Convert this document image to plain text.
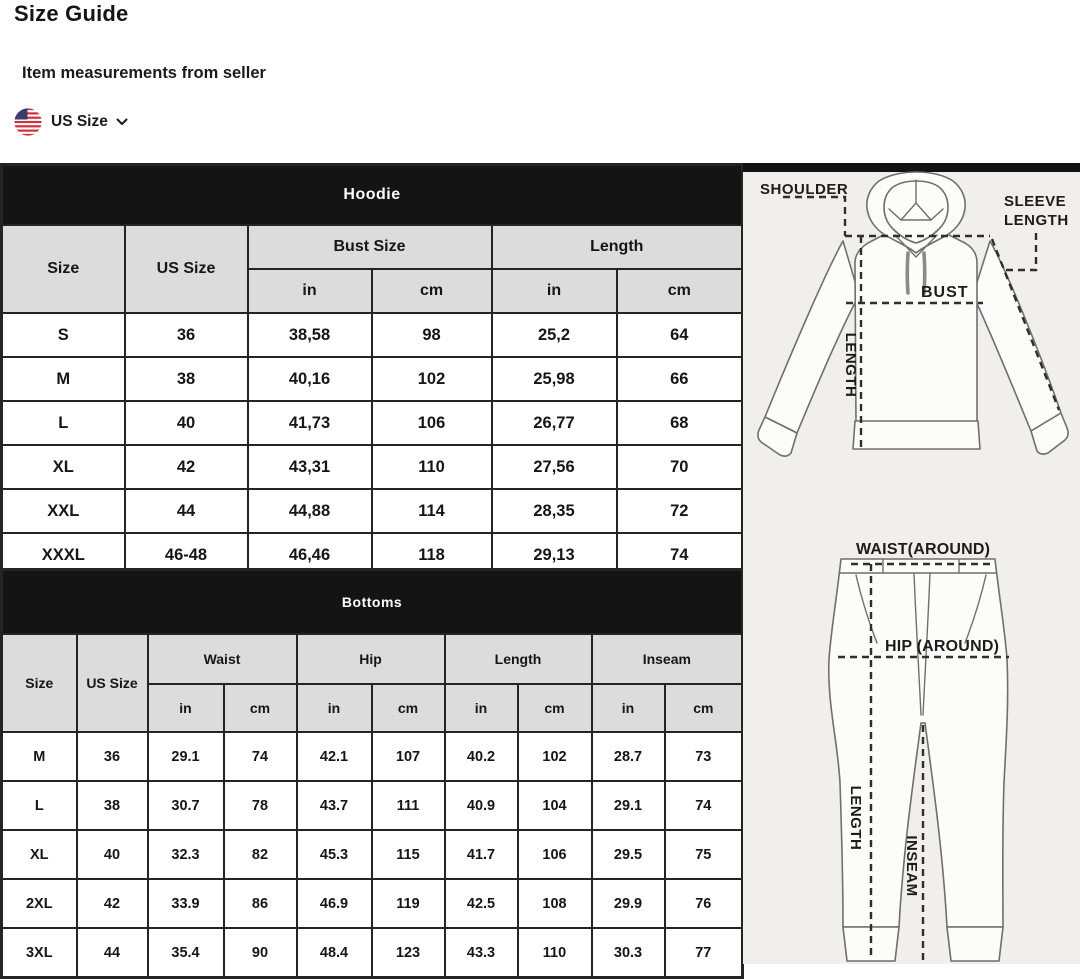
Size Guide
Item measurements from seller
US Size
Hoodie					
Size	US Size	Bust Size		Length	
		in	cm	in	cm
S	36	38,58	98	25,2	64
M	38	40,16	102	25,98	66
L	40	41,73	106	26,77	68
XL	42	43,31	110	27,56	70
XXL	44	44,88	114	28,35	72
XXXL	46-48	46,46	118	29,13	74
Bottoms									
Size	US Size	Waist		Hip		Length		Inseam	
		in	cm	in	cm	in	cm	in	cm
M	36	29.1	74	42.1	107	40.2	102	28.7	73
L	38	30.7	78	43.7	111	40.9	104	29.1	74
XL	40	32.3	82	45.3	115	41.7	106	29.5	75
2XL	42	33.9	86	46.9	119	42.5	108	29.9	76
3XL	44	35.4	90	48.4	123	43.3	110	30.3	77
SHOULDER
SLEEVE
LENGTH
BUST
LENGTH
WAIST(AROUND)
HIP (AROUND)
LENGTH
INSEAM
